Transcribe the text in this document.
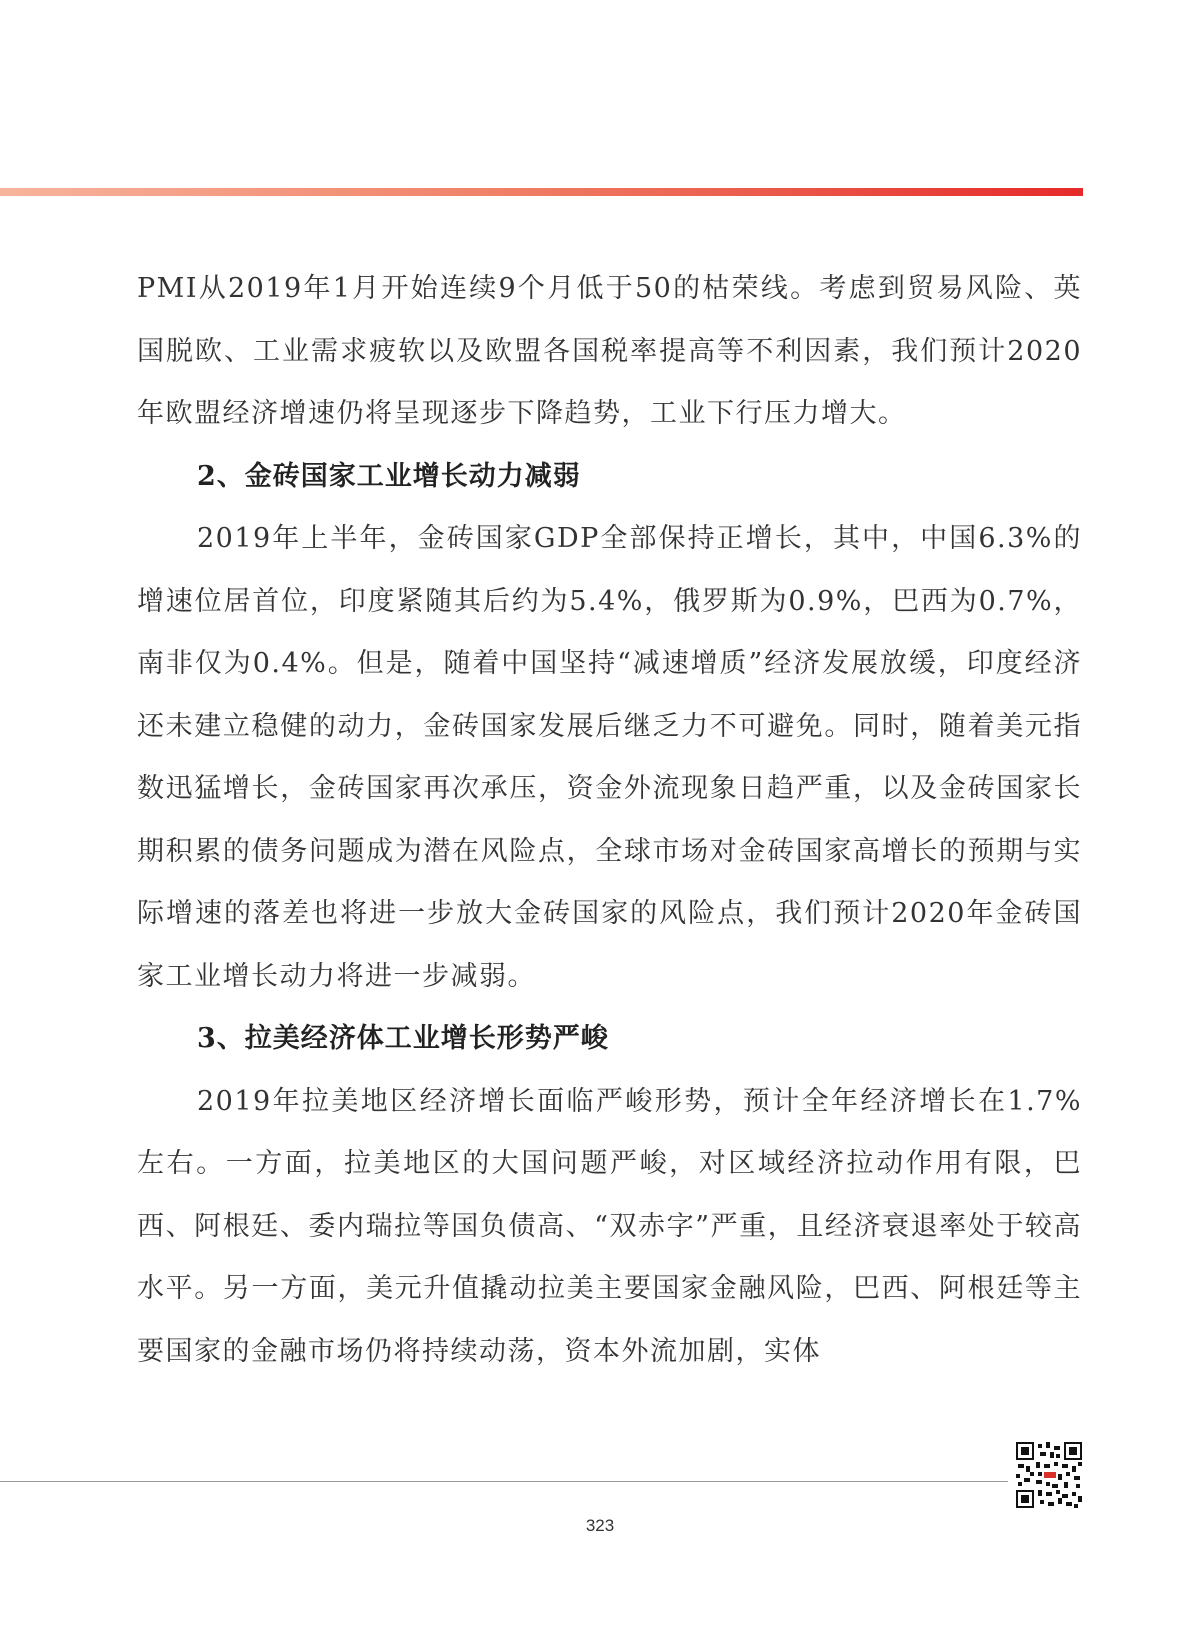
PMI从2019年1月开始连续9个月低于50的枯荣线。考虑到贸易风险、英国脱欧、工业需求疲软以及欧盟各国税率提高等不利因素，我们预计2020年欧盟经济增速仍将呈现逐步下降趋势，工业下行压力增大。

2、金砖国家工业增长动力减弱

2019年上半年，金砖国家GDP全部保持正增长，其中，中国6.3%的增速位居首位，印度紧随其后约为5.4%，俄罗斯为0.9%，巴西为0.7%，南非仅为0.4%。但是，随着中国坚持“减速增质”经济发展放缓，印度经济还未建立稳健的动力，金砖国家发展后继乏力不可避免。同时，随着美元指数迅猛增长，金砖国家再次承压，资金外流现象日趋严重，以及金砖国家长期积累的债务问题成为潜在风险点，全球市场对金砖国家高增长的预期与实际增速的落差也将进一步放大金砖国家的风险点，我们预计2020年金砖国家工业增长动力将进一步减弱。

3、拉美经济体工业增长形势严峻

2019年拉美地区经济增长面临严峻形势，预计全年经济增长在1.7%左右。一方面，拉美地区的大国问题严峻，对区域经济拉动作用有限，巴西、阿根廷、委内瑞拉等国负债高、“双赤字”严重，且经济衰退率处于较高水平。另一方面，美元升值撬动拉美主要国家金融风险，巴西、阿根廷等主要国家的金融市场仍将持续动荡，资本外流加剧，实体

323
